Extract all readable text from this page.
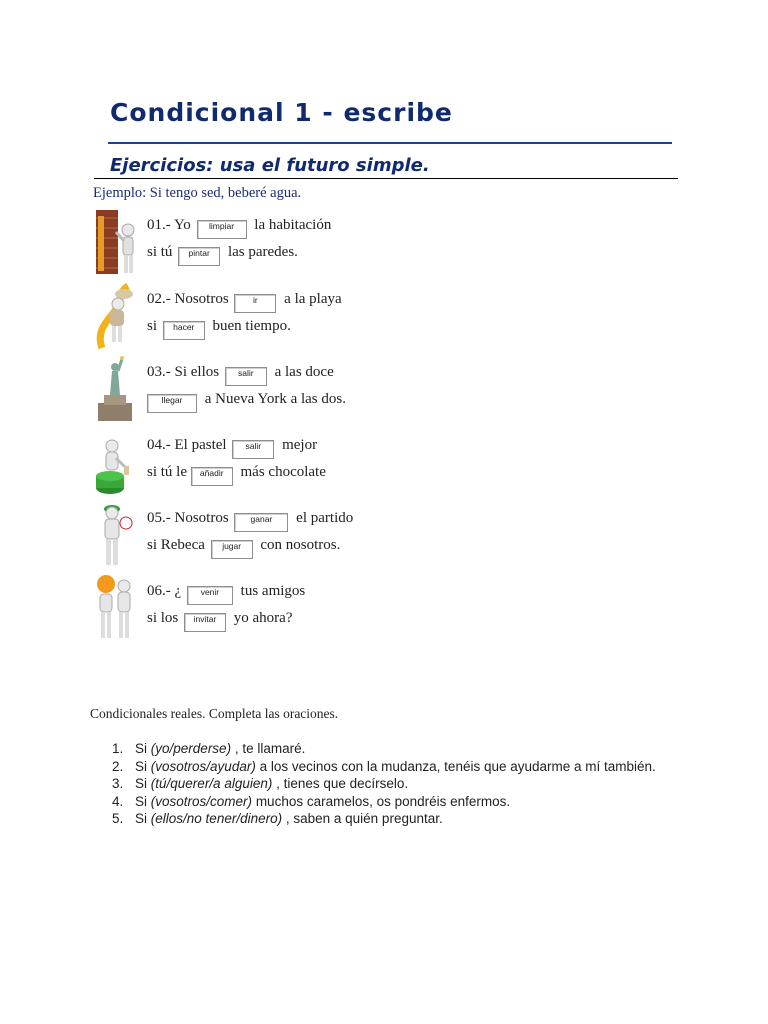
Condicional 1 - escribe
Ejercicios: usa el futuro simple.
Ejemplo: Si tengo sed, beberé agua.
01.- Yo limpiar la habitación
si tú pintar las paredes.
02.- Nosotros	ir a la playa
si hacer buen tiempo.
03.- Si ellos salir a las doce
llegar a Nueva York a las dos.
04.- El pastel salir mejor
si tú le añadir más chocolate
05.- Nosotros	ganar el partido
si Rebeca jugar con nosotros.
06.- ¿ venir tus amigos
si los invitar yo ahora?
Condicionales reales. Completa las oraciones.
1. Si (yo/perderse) , te llamaré.
2. Si (vosotros/ayudar) a los vecinos con la mudanza, tenéis que ayudarme a mí también.
3. Si (tú/querer/a alguien) , tienes que decírselo.
4. Si (vosotros/comer) muchos caramelos, os pondréis enfermos.
5. Si (ellos/no tener/dinero) , saben a quién preguntar.
